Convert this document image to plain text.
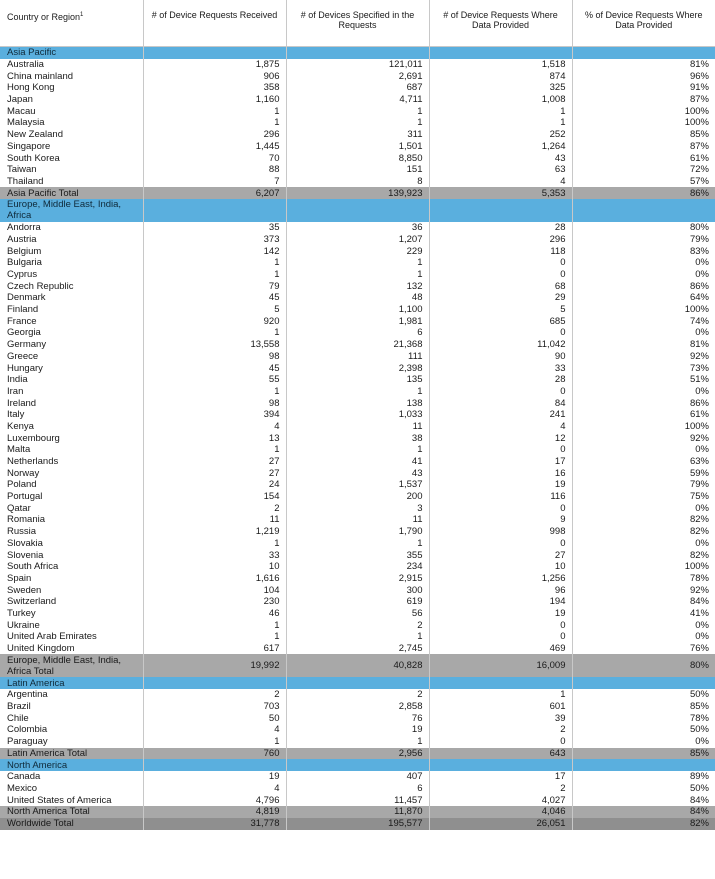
Country or Region$^1$	# of Device Requests Received	# of Devices Specified in the Requests	# of Device Requests Where Data Provided	% of Device Requests Where Data Provided
Asia Pacific				
Australia	1,875	121,011	1,518	81%
China mainland	906	2,691	874	96%
Hong Kong	358	687	325	91%
Japan	1,160	4,711	1,008	87%
Macau	1	1	1	100%
Malaysia	1	1	1	100%
New Zealand	296	311	252	85%
Singapore	1,445	1,501	1,264	87%
South Korea	70	8,850	43	61%
Taiwan	88	151	63	72%
Thailand	7	8	4	57%
Asia Pacific Total	6,207	139,923	5,353	86%
Europe, Middle East, India, Africa				
Andorra	35	36	28	80%
Austria	373	1,207	296	79%
Belgium	142	229	118	83%
Bulgaria	1	1	0	0%
Cyprus	1	1	0	0%
Czech Republic	79	132	68	86%
Denmark	45	48	29	64%
Finland	5	1,100	5	100%
France	920	1,981	685	74%
Georgia	1	6	0	0%
Germany	13,558	21,368	11,042	81%
Greece	98	111	90	92%
Hungary	45	2,398	33	73%
India	55	135	28	51%
Iran	1	1	0	0%
Ireland	98	138	84	86%
Italy	394	1,033	241	61%
Kenya	4	11	4	100%
Luxembourg	13	38	12	92%
Malta	1	1	0	0%
Netherlands	27	41	17	63%
Norway	27	43	16	59%
Poland	24	1,537	19	79%
Portugal	154	200	116	75%
Qatar	2	3	0	0%
Romania	11	11	9	82%
Russia	1,219	1,790	998	82%
Slovakia	1	1	0	0%
Slovenia	33	355	27	82%
South Africa	10	234	10	100%
Spain	1,616	2,915	1,256	78%
Sweden	104	300	96	92%
Switzerland	230	619	194	84%
Turkey	46	56	19	41%
Ukraine	1	2	0	0%
United Arab Emirates	1	1	0	0%
United Kingdom	617	2,745	469	76%
Europe, Middle East, India, Africa Total	19,992	40,828	16,009	80%
Latin America				
Argentina	2	2	1	50%
Brazil	703	2,858	601	85%
Chile	50	76	39	78%
Colombia	4	19	2	50%
Paraguay	1	1	0	0%
Latin America Total	760	2,956	643	85%
North America				
Canada	19	407	17	89%
Mexico	4	6	2	50%
United States of America	4,796	11,457	4,027	84%
North America Total	4,819	11,870	4,046	84%
Worldwide Total	31,778	195,577	26,051	82%
